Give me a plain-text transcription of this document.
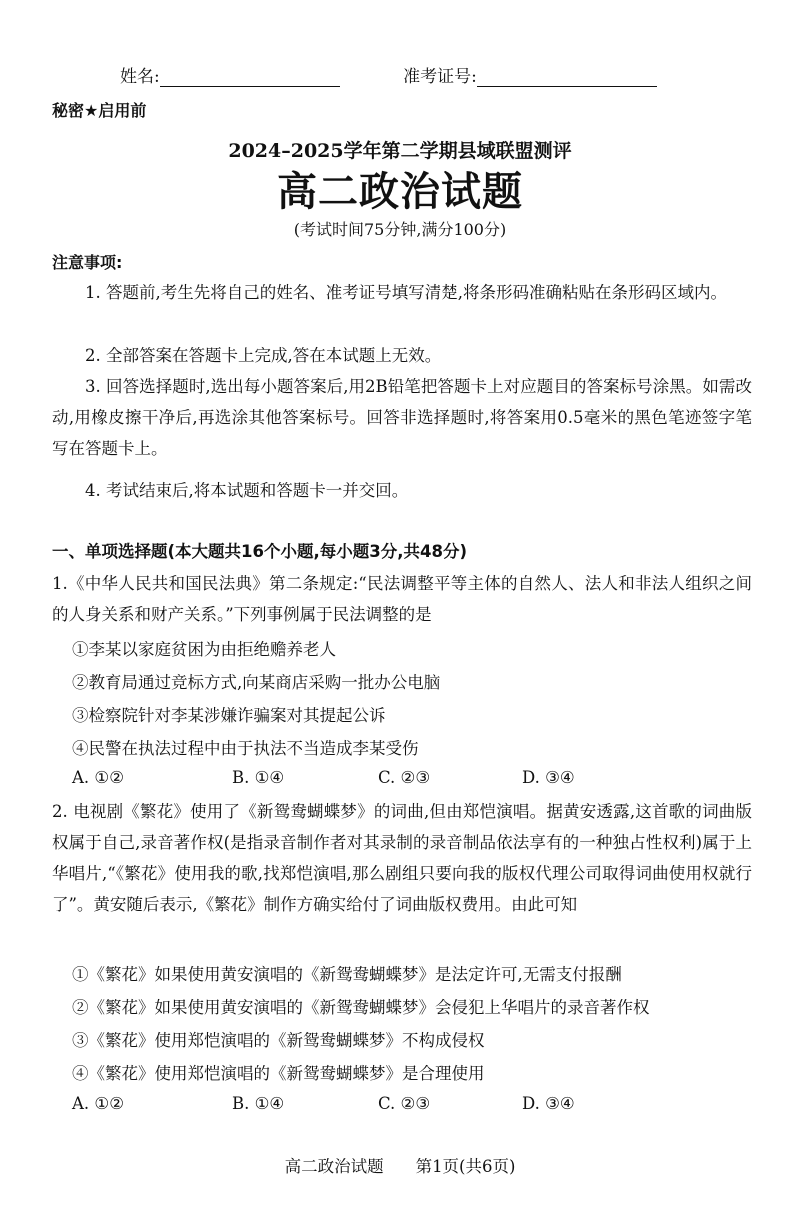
姓名:	准考证号:
秘密★启用前
2024–2025学年第二学期县域联盟测评
高二政治试题
(考试时间75分钟,满分100分)
注意事项:
1. 答题前,考生先将自己的姓名、准考证号填写清楚,将条形码准确粘贴在条形码区域内。
2. 全部答案在答题卡上完成,答在本试题上无效。
3. 回答选择题时,选出每小题答案后,用2B铅笔把答题卡上对应题目的答案标号涂黑。如需改动,用橡皮擦干净后,再选涂其他答案标号。回答非选择题时,将答案用0.5毫米的黑色笔迹签字笔写在答题卡上。
4. 考试结束后,将本试题和答题卡一并交回。
一、单项选择题(本大题共16个小题,每小题3分,共48分)
1.《中华人民共和国民法典》第二条规定:“民法调整平等主体的自然人、法人和非法人组织之间的人身关系和财产关系。”下列事例属于民法调整的是
①李某以家庭贫困为由拒绝赡养老人
②教育局通过竞标方式,向某商店采购一批办公电脑
③检察院针对李某涉嫌诈骗案对其提起公诉
④民警在执法过程中由于执法不当造成李某受伤
A. ①②	B. ①④	C. ②③	D. ③④
2. 电视剧《繁花》使用了《新鸳鸯蝴蝶梦》的词曲,但由郑恺演唱。据黄安透露,这首歌的词曲版权属于自己,录音著作权(是指录音制作者对其录制的录音制品依法享有的一种独占性权利)属于上华唱片,“《繁花》使用我的歌,找郑恺演唱,那么剧组只要向我的版权代理公司取得词曲使用权就行了”。黄安随后表示,《繁花》制作方确实给付了词曲版权费用。由此可知
①《繁花》如果使用黄安演唱的《新鸳鸯蝴蝶梦》是法定许可,无需支付报酬
②《繁花》如果使用黄安演唱的《新鸳鸯蝴蝶梦》会侵犯上华唱片的录音著作权
③《繁花》使用郑恺演唱的《新鸳鸯蝴蝶梦》不构成侵权
④《繁花》使用郑恺演唱的《新鸳鸯蝴蝶梦》是合理使用
A. ①②	B. ①④	C. ②③	D. ③④
高二政治试题 第1页(共6页)
